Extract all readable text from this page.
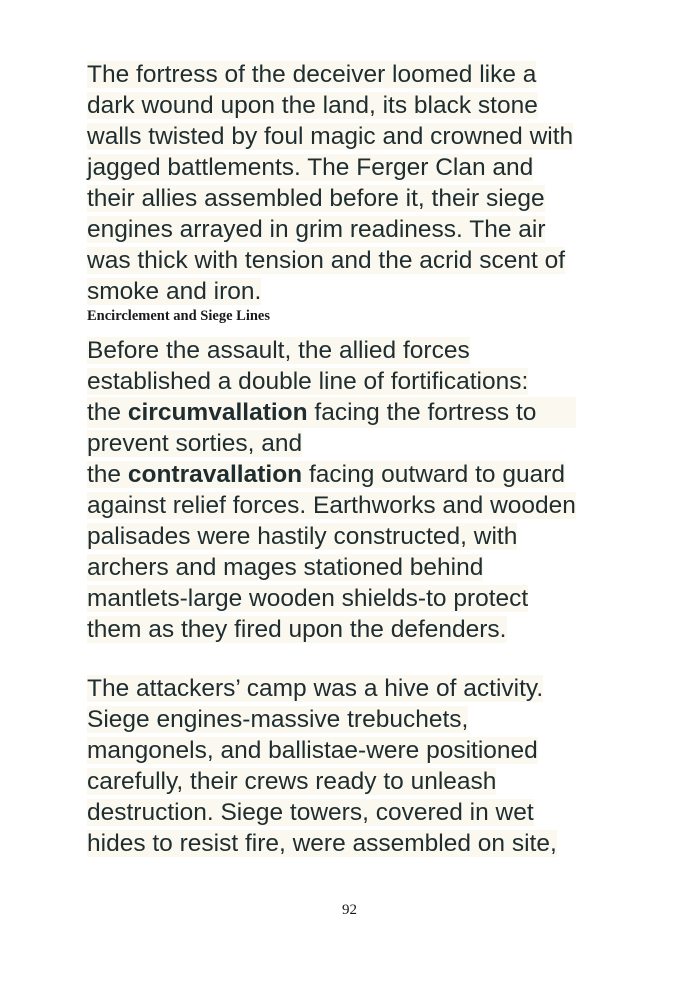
The fortress of the deceiver loomed like a
dark wound upon the land, its black stone
walls twisted by foul magic and crowned with
jagged battlements. The Ferger Clan and
their allies assembled before it, their siege
engines arrayed in grim readiness. The air
was thick with tension and the acrid scent of
smoke and iron.

Encirclement and Siege Lines

Before the assault, the allied forces
established a double line of fortifications:
the circumvallation facing the fortress to
prevent sorties, and
the contravallation facing outward to guard
against relief forces. Earthworks and wooden
palisades were hastily constructed, with
archers and mages stationed behind
mantlets-large wooden shields-to protect
them as they fired upon the defenders.

The attackers’ camp was a hive of activity.
Siege engines-massive trebuchets,
mangonels, and ballistae-were positioned
carefully, their crews ready to unleash
destruction. Siege towers, covered in wet
hides to resist fire, were assembled on site,

92
